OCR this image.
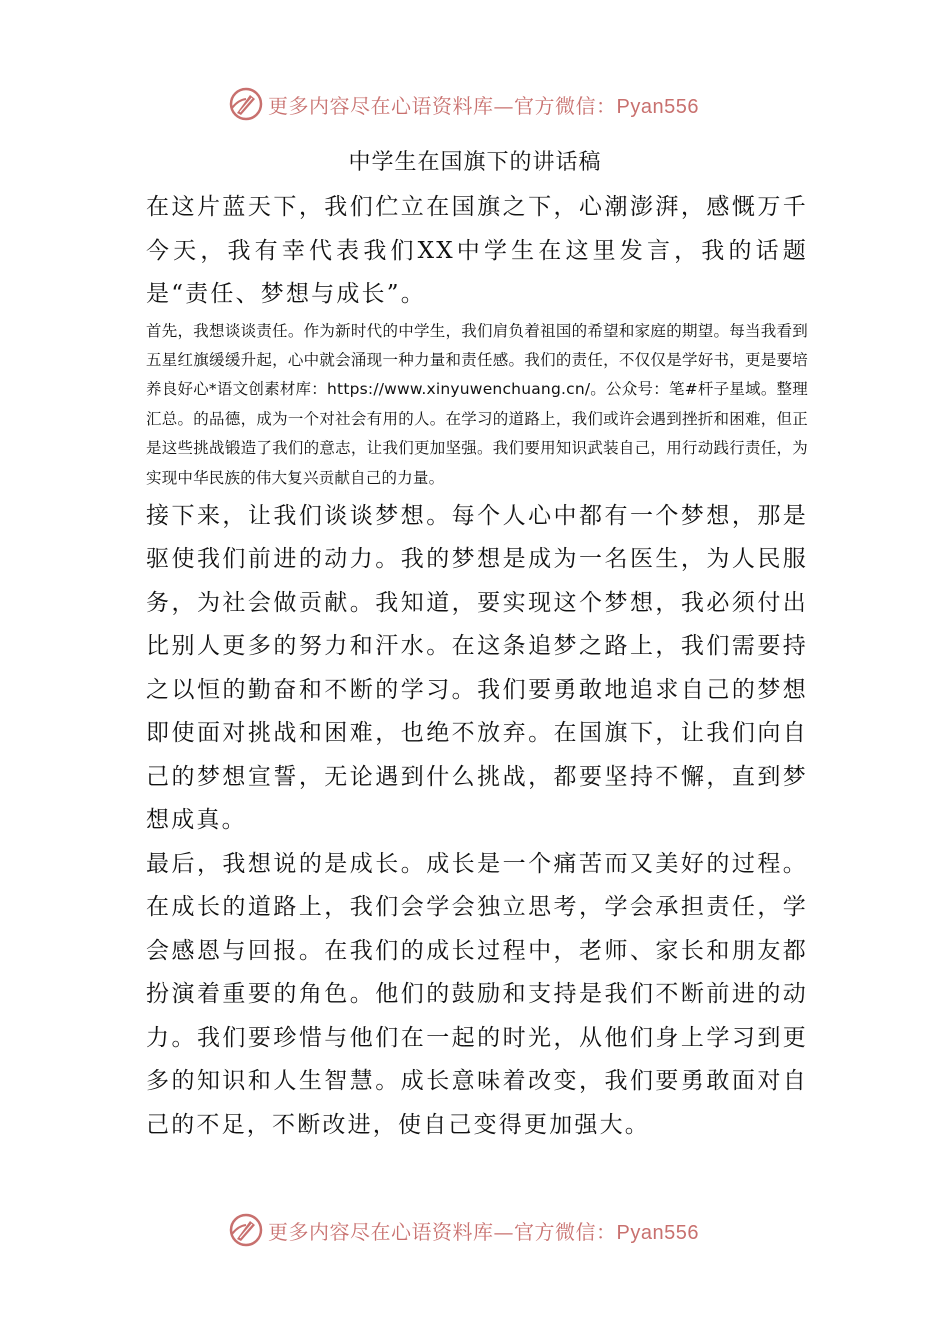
更多内容尽在心语资料库—官方微信：Pyan556
中学生在国旗下的讲话稿

在这片蓝天下，我们伫立在国旗之下，心潮澎湃，感慨万千今天，我有幸代表我们XX中学生在这里发言，我的话题是“责任、梦想与成长”。

首先，我想谈谈责任。作为新时代的中学生，我们肩负着祖国的希望和家庭的期望。每当我看到五星红旗缓缓升起，心中就会涌现一种力量和责任感。我们的责任，不仅仅是学好书，更是要培养良好心*语文创素材库：https://www.xinyuwenchuang.cn/。公众号：笔#杆子星域。整理汇总。的品德，成为一个对社会有用的人。在学习的道路上，我们或许会遇到挫折和困难，但正是这些挑战锻造了我们的意志，让我们更加坚强。我们要用知识武装自己，用行动践行责任，为实现中华民族的伟大复兴贡献自己的力量。

接下来，让我们谈谈梦想。每个人心中都有一个梦想，那是驱使我们前进的动力。我的梦想是成为一名医生，为人民服务，为社会做贡献。我知道，要实现这个梦想，我必须付出比别人更多的努力和汗水。在这条追梦之路上，我们需要持之以恒的勤奋和不断的学习。我们要勇敢地追求自己的梦想即使面对挑战和困难，也绝不放弃。在国旗下，让我们向自己的梦想宣誓，无论遇到什么挑战，都要坚持不懈，直到梦想成真。

最后，我想说的是成长。成长是一个痛苦而又美好的过程。在成长的道路上，我们会学会独立思考，学会承担责任，学会感恩与回报。在我们的成长过程中，老师、家长和朋友都扮演着重要的角色。他们的鼓励和支持是我们不断前进的动力。我们要珍惜与他们在一起的时光，从他们身上学习到更多的知识和人生智慧。成长意味着改变，我们要勇敢面对自己的不足，不断改进，使自己变得更加强大。

更多内容尽在心语资料库—官方微信：Pyan556
